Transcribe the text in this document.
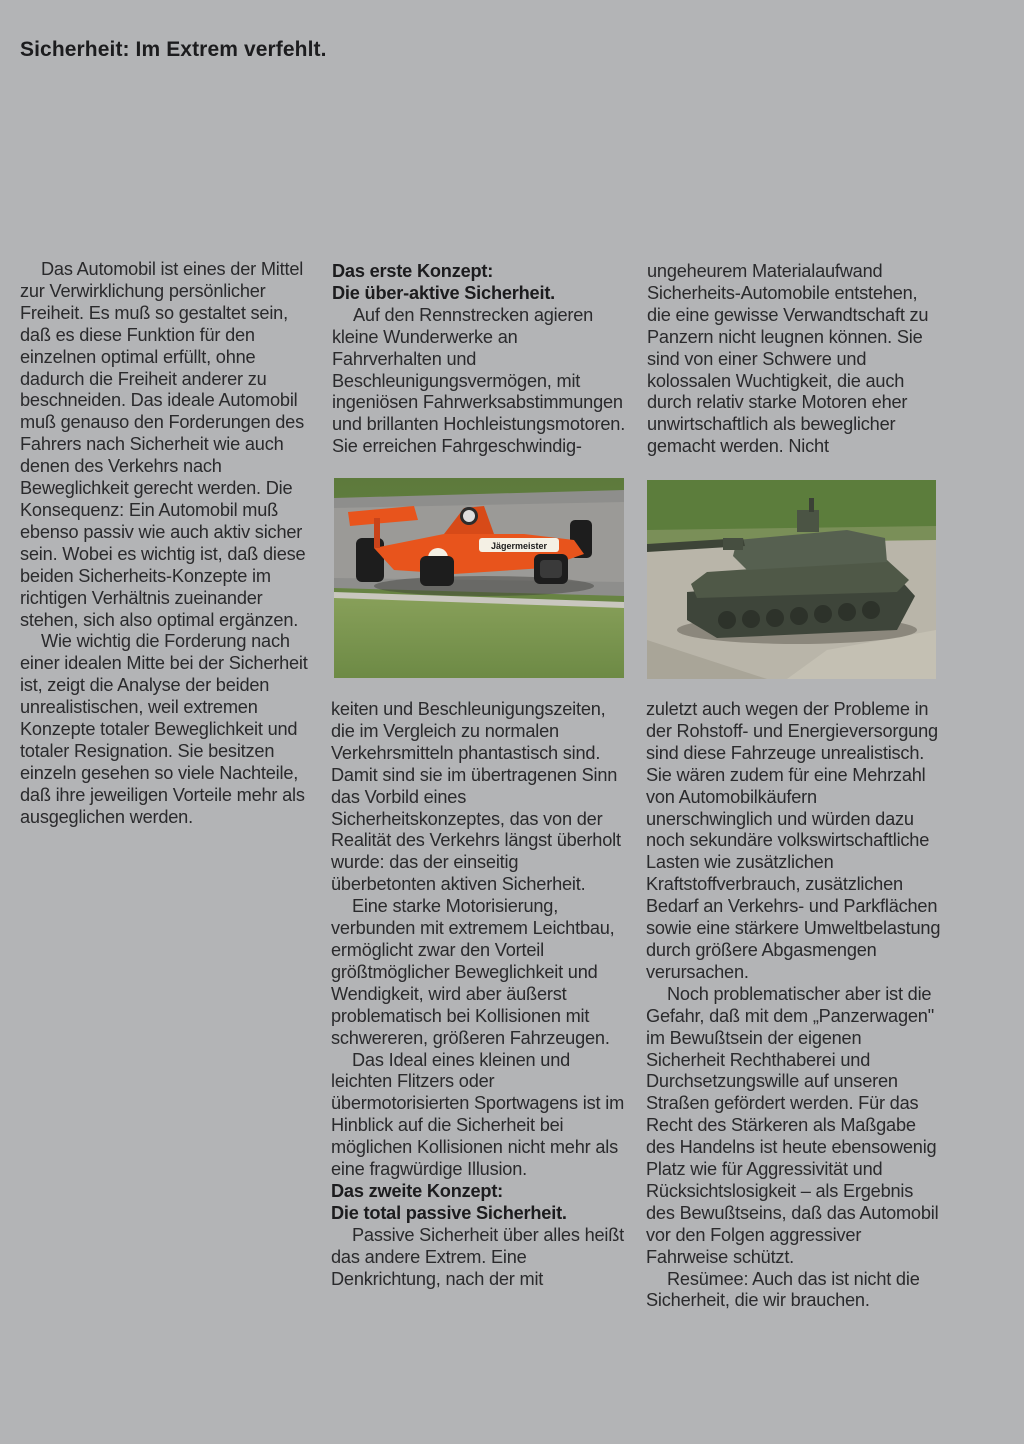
Sicherheit: Im Extrem verfehlt.

Das Automobil ist eines der Mittel zur Verwirklichung persönlicher Freiheit. Es muß so gestaltet sein, daß es diese Funktion für den einzelnen optimal erfüllt, ohne dadurch die Freiheit anderer zu beschneiden. Das ideale Automobil muß genauso den Forderungen des Fahrers nach Sicherheit wie auch denen des Verkehrs nach Beweglichkeit gerecht werden. Die Konsequenz: Ein Automobil muß ebenso passiv wie auch aktiv sicher sein. Wobei es wichtig ist, daß diese beiden Sicherheits-Konzepte im richtigen Verhältnis zueinander stehen, sich also optimal ergänzen.

Wie wichtig die Forderung nach einer idealen Mitte bei der Sicherheit ist, zeigt die Analyse der beiden unrealistischen, weil extremen Konzepte totaler Beweglichkeit und totaler Resignation. Sie besitzen einzeln gesehen so viele Nachteile, daß ihre jeweiligen Vorteile mehr als ausgeglichen werden.

Das erste Konzept:
Die über-aktive Sicherheit.

Auf den Rennstrecken agieren kleine Wunderwerke an Fahrverhalten und Beschleunigungsvermögen, mit ingeniösen Fahrwerksabstimmungen und brillanten Hochleistungsmotoren. Sie erreichen Fahrgeschwindig-

ungeheurem Materialaufwand Sicherheits-Automobile entstehen, die eine gewisse Verwandtschaft zu Panzern nicht leugnen können. Sie sind von einer Schwere und kolossalen Wuchtigkeit, die auch durch relativ starke Motoren eher unwirtschaftlich als beweglicher gemacht werden. Nicht

Jägermeister

keiten und Beschleunigungszeiten, die im Vergleich zu normalen Verkehrsmitteln phantastisch sind. Damit sind sie im übertragenen Sinn das Vorbild eines Sicherheitskonzeptes, das von der Realität des Verkehrs längst überholt wurde: das der einseitig überbetonten aktiven Sicherheit.

Eine starke Motorisierung, verbunden mit extremem Leichtbau, ermöglicht zwar den Vorteil größtmöglicher Beweglichkeit und Wendigkeit, wird aber äußerst problematisch bei Kollisionen mit schwereren, größeren Fahrzeugen.

Das Ideal eines kleinen und leichten Flitzers oder übermotorisierten Sportwagens ist im Hinblick auf die Sicherheit bei möglichen Kollisionen nicht mehr als eine fragwürdige Illusion.

Das zweite Konzept:
Die total passive Sicherheit.

Passive Sicherheit über alles heißt das andere Extrem. Eine Denkrichtung, nach der mit

zuletzt auch wegen der Probleme in der Rohstoff- und Energieversorgung sind diese Fahrzeuge unrealistisch. Sie wären zudem für eine Mehrzahl von Automobilkäufern unerschwinglich und würden dazu noch sekundäre volkswirtschaftliche Lasten wie zusätzlichen Kraftstoffverbrauch, zusätzlichen Bedarf an Verkehrs- und Parkflächen sowie eine stärkere Umweltbelastung durch größere Abgasmengen verursachen.

Noch problematischer aber ist die Gefahr, daß mit dem „Panzerwagen" im Bewußtsein der eigenen Sicherheit Rechthaberei und Durchsetzungswille auf unseren Straßen gefördert werden. Für das Recht des Stärkeren als Maßgabe des Handelns ist heute ebensowenig Platz wie für Aggressivität und Rücksichtslosigkeit – als Ergebnis des Bewußtseins, daß das Automobil vor den Folgen aggressiver Fahrweise schützt.

Resümee: Auch das ist nicht die Sicherheit, die wir brauchen.
